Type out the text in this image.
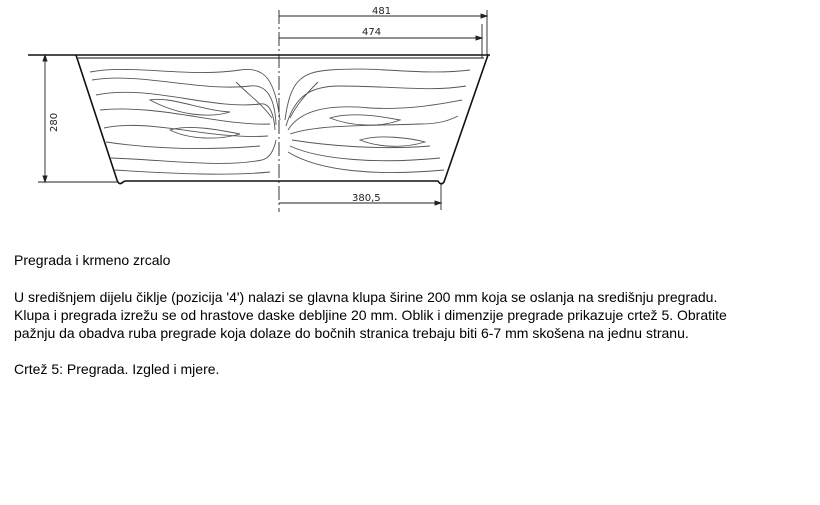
481
474
280
380,5
Pregrada i krmeno zrcalo
U središnjem dijelu čiklje (pozicija '4') nalazi se glavna klupa širine 200 mm koja se oslanja na središnju pregradu.
Klupa i pregrada izrežu se od hrastove daske debljine 20 mm. Oblik i dimenzije pregrade prikazuje crtež 5. Obratite
pažnju da obadva ruba pregrade koja dolaze do bočnih stranica trebaju biti 6-7 mm skošena na jednu stranu.
Crtež 5: Pregrada. Izgled i mjere.
